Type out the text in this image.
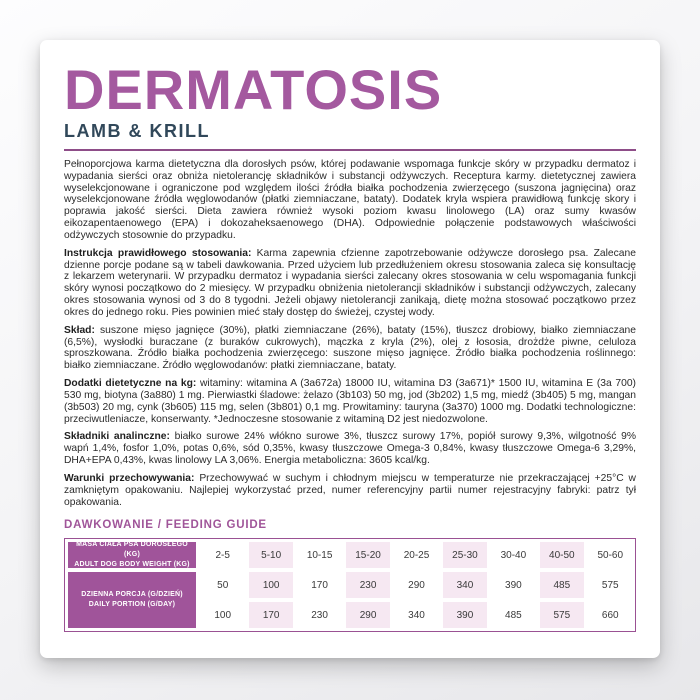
DERMATOSIS
LAMB & KRILL

Pełnoporcjowa karma dietetyczna dla dorosłych psów, której podawanie wspomaga funkcje skóry w przypadku dermatoz i wypadania sierści oraz obniża nietolerancję składników i substancji odżywczych. Receptura karmy. dietetycznej zawiera wyselekcjonowane i ograniczone pod względem ilości źródła białka pochodzenia zwierzęcego (suszona jagnięcina) oraz wyselekcjonowane źródła węglowodanów (płatki ziemniaczane, bataty). Dodatek kryla wspiera prawidłową funkcję skory i poprawia jakość sierści. Dieta zawiera również wysoki poziom kwasu linolowego (LA) oraz sumy kwasów eikozapentaenowego (EPA) i dokozaheksaenowego (DHA). Odpowiednie połączenie podstawowych właściwości odżywczych stosownie do przypadku.

Instrukcja prawidłowego stosowania: Karma zapewnia cfzienne zapotrzebowanie odżywcze dorosłego psa. Zalecane dzienne porcje podane są w tabeli dawkowania. Przed użyciem lub przedłużeniem okresu stosowania zaleca się konsultację z lekarzem weterynarii. W przypadku dermatoz i wypadania sierści zalecany okres stosowania w celu wspomagania funkcji skóry wynosi początkowo do 2 miesięcy. W przypadku obniżenia nietolerancji składników i substancji odżywczych, zalecany okres stosowania wynosi od 3 do 8 tygodni. Jeżeli objawy nietolerancji zanikają, dietę można stosować początkowo przez okres do jednego roku. Pies powinien mieć stały dostęp do świeżej, czystej wody.

Skład: suszone mięso jagnięce (30%), płatki ziemniaczane (26%), bataty (15%), tłuszcz drobiowy, białko ziemniaczane (6,5%), wysłodki buraczane (z buraków cukrowych), mączka z kryla (2%), olej z łososia, drożdże piwne, celuloza sproszkowana. Źródło białka pochodzenia zwierzęcego: suszone mięso jagnięce. Źródło białka pochodzenia roślinnego: białko ziemniaczane. Źródło węglowodanów: płatki ziemniaczane, bataty.

Dodatki dietetyczne na kg: witaminy: witamina A (3a672a) 18000 IU, witamina D3 (3a671)* 1500 IU, witamina E (3a 700) 530 mg, biotyna (3a880) 1 mg. Pierwiastki śladowe: żelazo (3b103) 50 mg, jod (3b202) 1,5 mg, miedź (3b405) 5 mg, mangan (3b503) 20 mg, cynk (3b605) 115 mg, selen (3b801) 0,1 mg. Prowitaminy: tauryna (3a370) 1000 mg. Dodatki technologiczne: przeciwutleniacze, konserwanty. *Jednoczesne stosowanie z witaminą D2 jest niedozwolone.

Składniki analinczne: białko surowe 24% włókno surowe 3%, tłuszcz surowy 17%, popiół surowy 9,3%, wilgotność 9% wapń 1,4%, fosfor 1,0%, potas 0,6%, sód 0,35%, kwasy tłuszczowe Omega-3 0,84%, kwasy tłuszczowe Omega-6 3,29%, DHA+EPA 0,43%, kwas linolowy LA 3,06%. Energia metaboliczna: 3605 kcal/kg.

Warunki przechowywania: Przechowywać w suchym i chłodnym miejscu w temperaturze nie przekraczającej +25°C w zamkniętym opakowaniu. Najlepiej wykorzystać przed, numer referencyjny partii numer rejestracyjny fabryki: patrz tył opakowania.

DAWKOWANIE / FEEDING GUIDE
MASA CIAŁA PSA DOROSŁEGO (KG)
ADULT DOG BODY WEIGHT (KG)
2-5	5-10	10-15	15-20	20-25	25-30	30-40	40-50	50-60
DZIENNA PORCJA (G/DZIEŃ)
DAILY PORTION (G/DAY)
50	100	170	230	290	340	390	485	575
100	170	230	290	340	390	485	575	660
